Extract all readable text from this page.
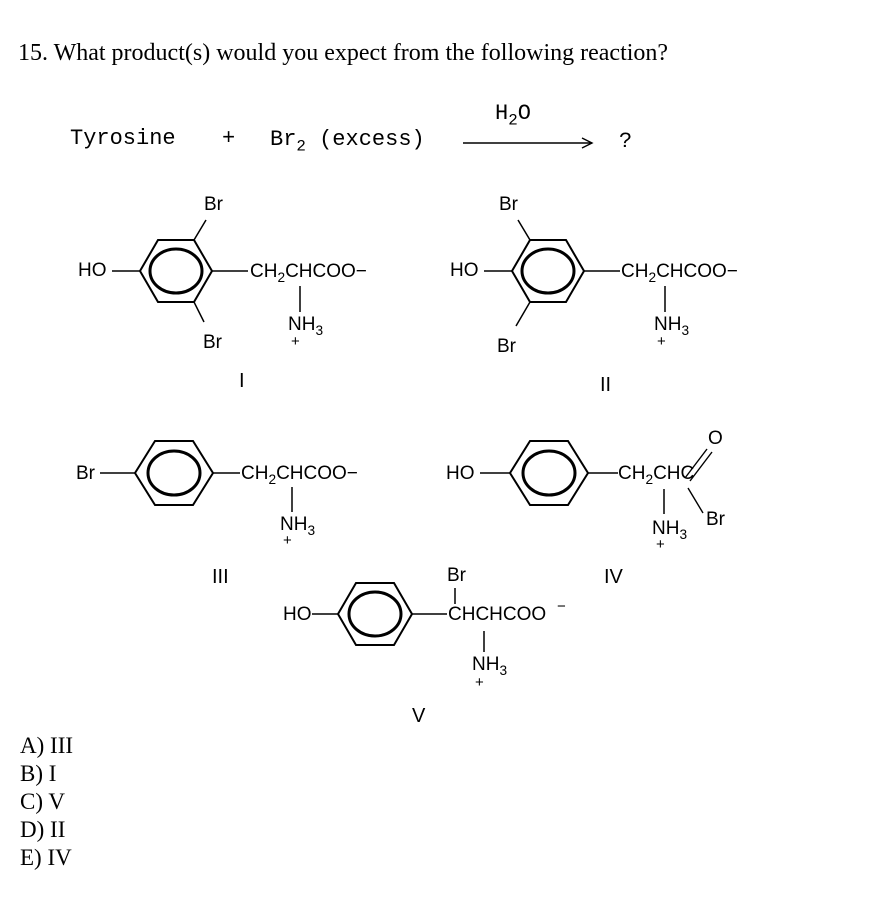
15. What product(s) would you expect from the following reaction?
Tyrosine + $Br_2$ (excess)
$H_2O$
?
HO
Br
Br
$CH_2CHCOO-$
$NH_3$
+
I
HO
Br
Br
$CH_2CHCOO-$
$NH_3$
+
II
Br	$CH_2CHCOO-$
$NH_3$
+
III
HO	$CH_2CHC$
O
Br
$NH_3$
+
IV
HO
Br
CHCHCOO −
$NH_3$
+
V
A) III
B) I
C) V
D) II
E) IV
